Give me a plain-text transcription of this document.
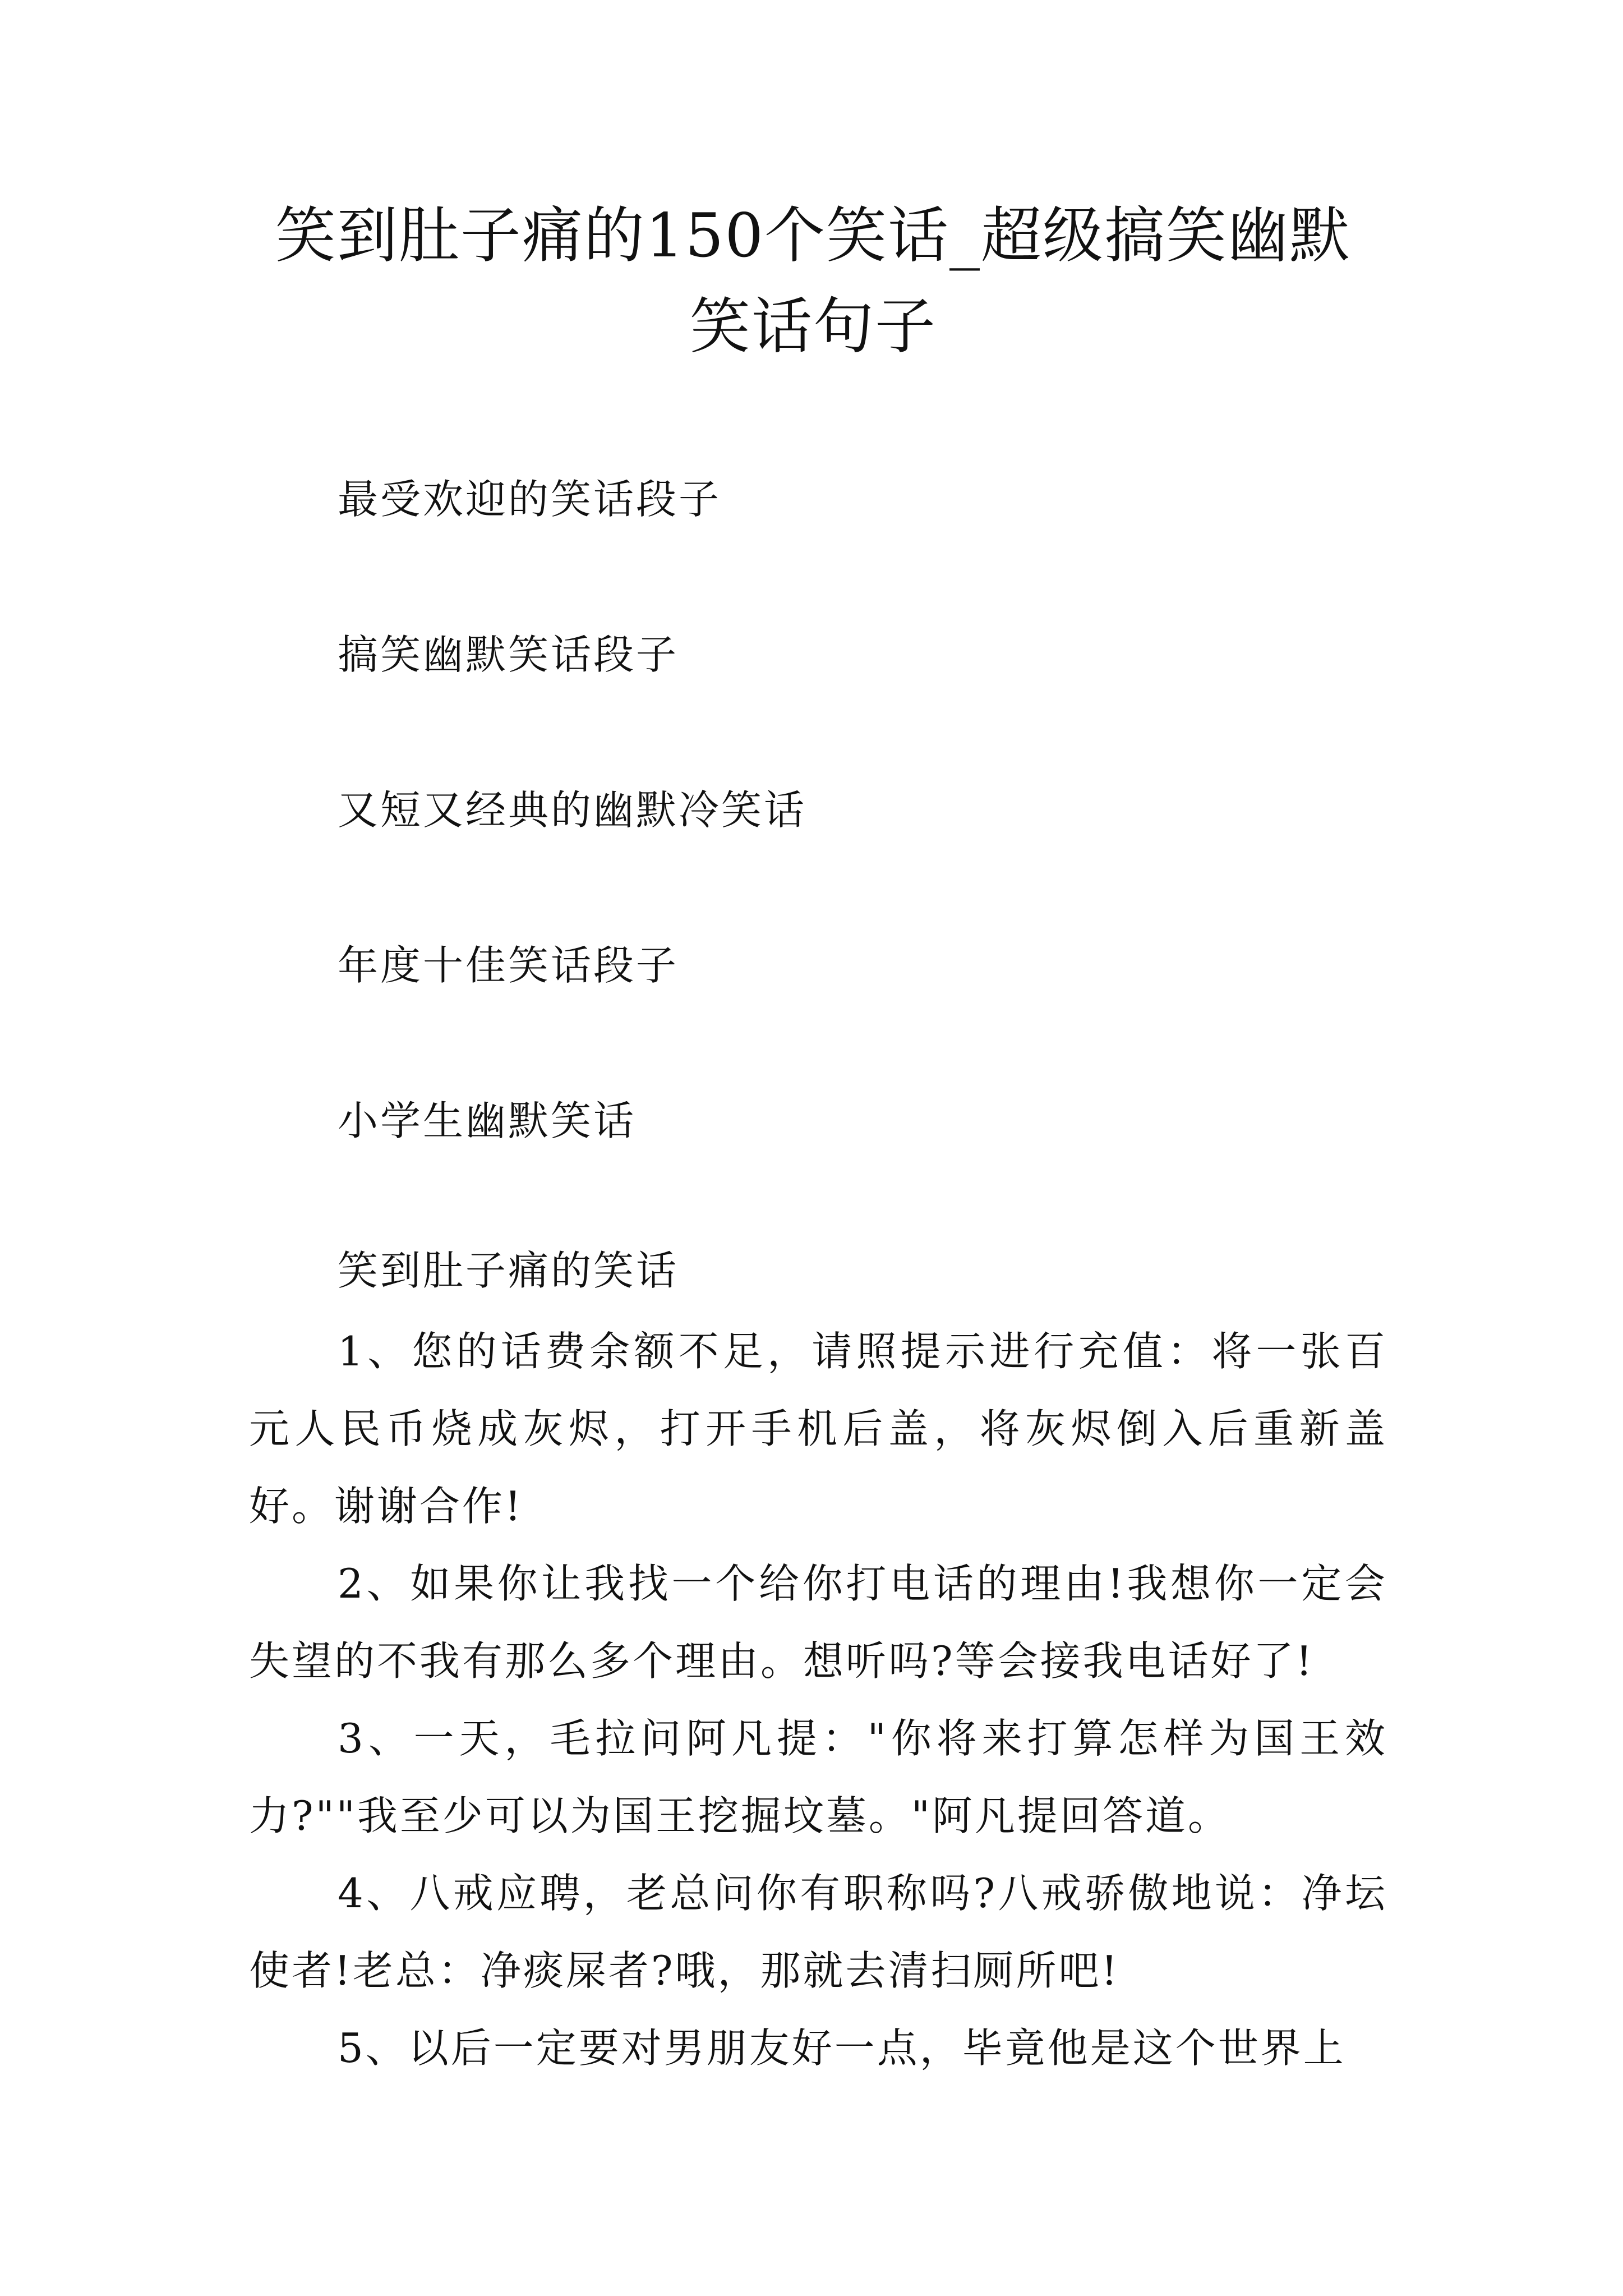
笑到肚子痛的150个笑话_超级搞笑幽默笑话句子
最受欢迎的笑话段子
搞笑幽默笑话段子
又短又经典的幽默冷笑话
年度十佳笑话段子
小学生幽默笑话
笑到肚子痛的笑话

1、您的话费余额不足，请照提示进行充值：将一张百元人民币烧成灰烬，打开手机后盖，将灰烬倒入后重新盖好。谢谢合作!

2、如果你让我找一个给你打电话的理由!我想你一定会失望的不我有那么多个理由。想听吗?等会接我电话好了!

3、一天，毛拉问阿凡提："你将来打算怎样为国王效力?""我至少可以为国王挖掘坟墓。"阿凡提回答道。

4、八戒应聘，老总问你有职称吗?八戒骄傲地说：净坛使者!老总：净痰屎者?哦，那就去清扫厕所吧!

5、以后一定要对男朋友好一点，毕竟他是这个世界上
